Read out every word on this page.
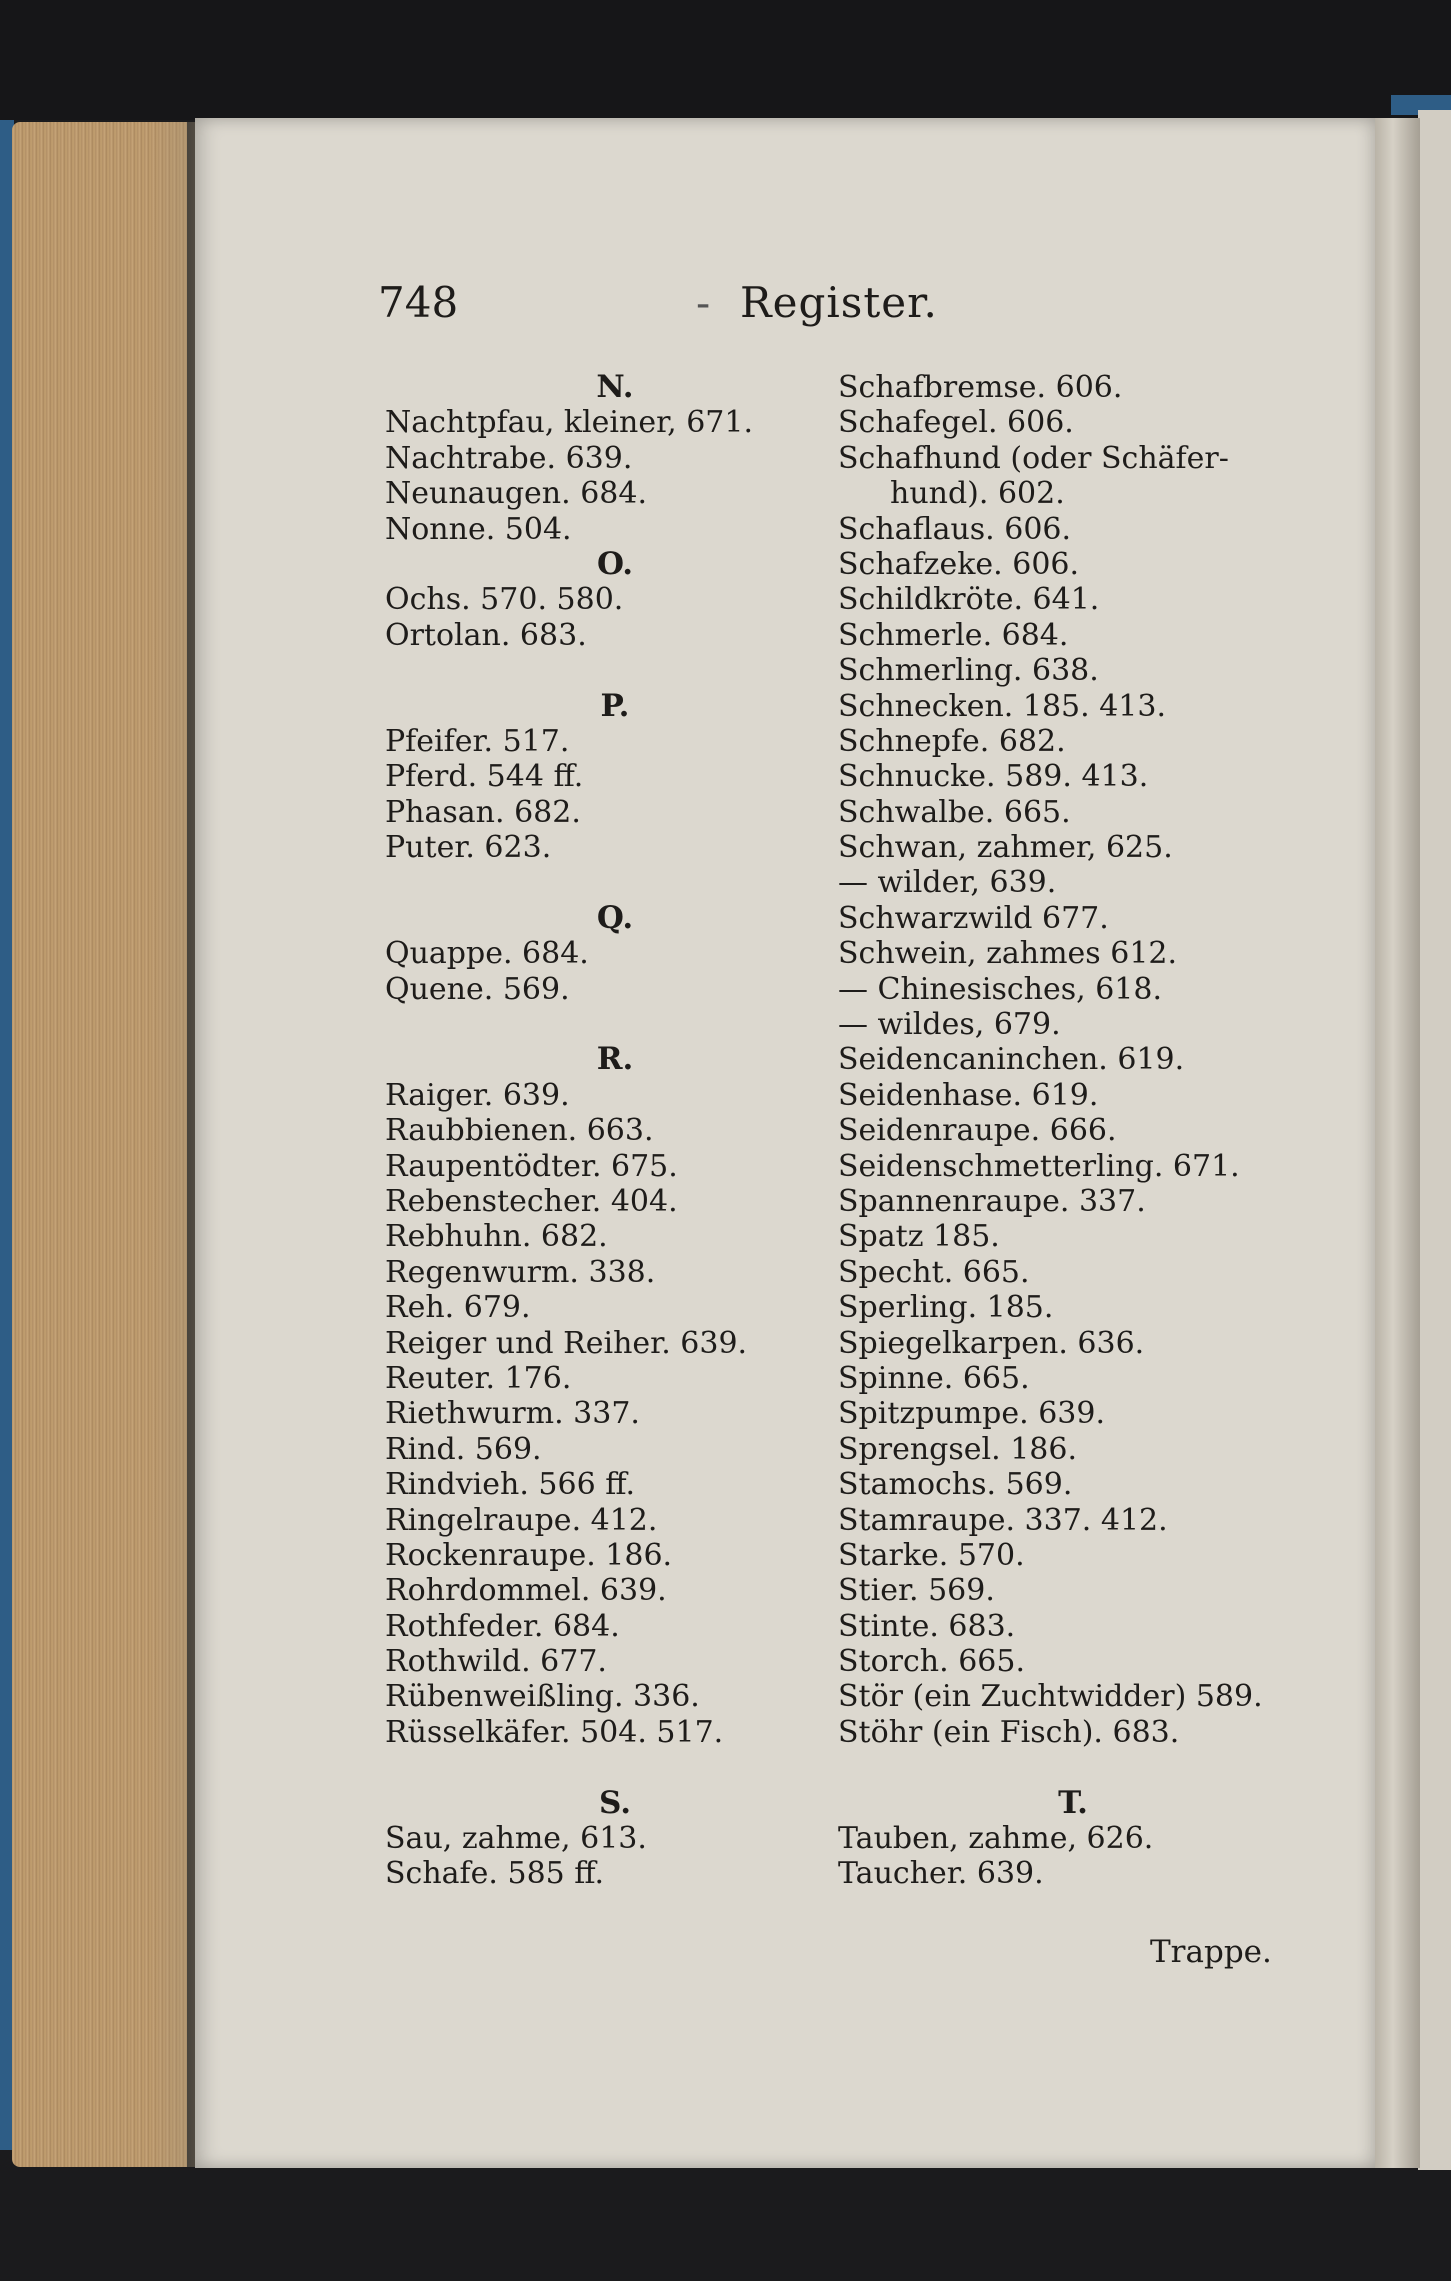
748	- Register.
N.
Nachtpfau, kleiner, 671.
Nachtrabe. 639.
Neunaugen. 684.
Nonne. 504.
O.
Ochs. 570. 580.
Ortolan. 683.
P.
Pfeifer. 517.
Pferd. 544 ff.
Phasan. 682.
Puter. 623.
Q.
Quappe. 684.
Quene. 569.
R.
Raiger. 639.
Raubbienen. 663.
Raupentödter. 675.
Rebenstecher. 404.
Rebhuhn. 682.
Regenwurm. 338.
Reh. 679.
Reiger und Reiher. 639.
Reuter. 176.
Riethwurm. 337.
Rind. 569.
Rindvieh. 566 ff.
Ringelraupe. 412.
Rockenraupe. 186.
Rohrdommel. 639.
Rothfeder. 684.
Rothwild. 677.
Rübenweißling. 336.
Rüsselkäfer. 504. 517.
S.
Sau, zahme, 613.
Schafe. 585 ff.
Schafbremse. 606.
Schafegel. 606.
Schafhund (oder Schäfer-
hund). 602.
Schaflaus. 606.
Schafzeke. 606.
Schildkröte. 641.
Schmerle. 684.
Schmerling. 638.
Schnecken. 185. 413.
Schnepfe. 682.
Schnucke. 589. 413.
Schwalbe. 665.
Schwan, zahmer, 625.
— wilder, 639.
Schwarzwild 677.
Schwein, zahmes 612.
— Chinesisches, 618.
— wildes, 679.
Seidencaninchen. 619.
Seidenhase. 619.
Seidenraupe. 666.
Seidenschmetterling. 671.
Spannenraupe. 337.
Spatz 185.
Specht. 665.
Sperling. 185.
Spiegelkarpen. 636.
Spinne. 665.
Spitzpumpe. 639.
Sprengsel. 186.
Stamochs. 569.
Stamraupe. 337. 412.
Starke. 570.
Stier. 569.
Stinte. 683.
Storch. 665.
Stör (ein Zuchtwidder) 589.
Stöhr (ein Fisch). 683.
T.
Tauben, zahme, 626.
Taucher. 639.
Trappe.
